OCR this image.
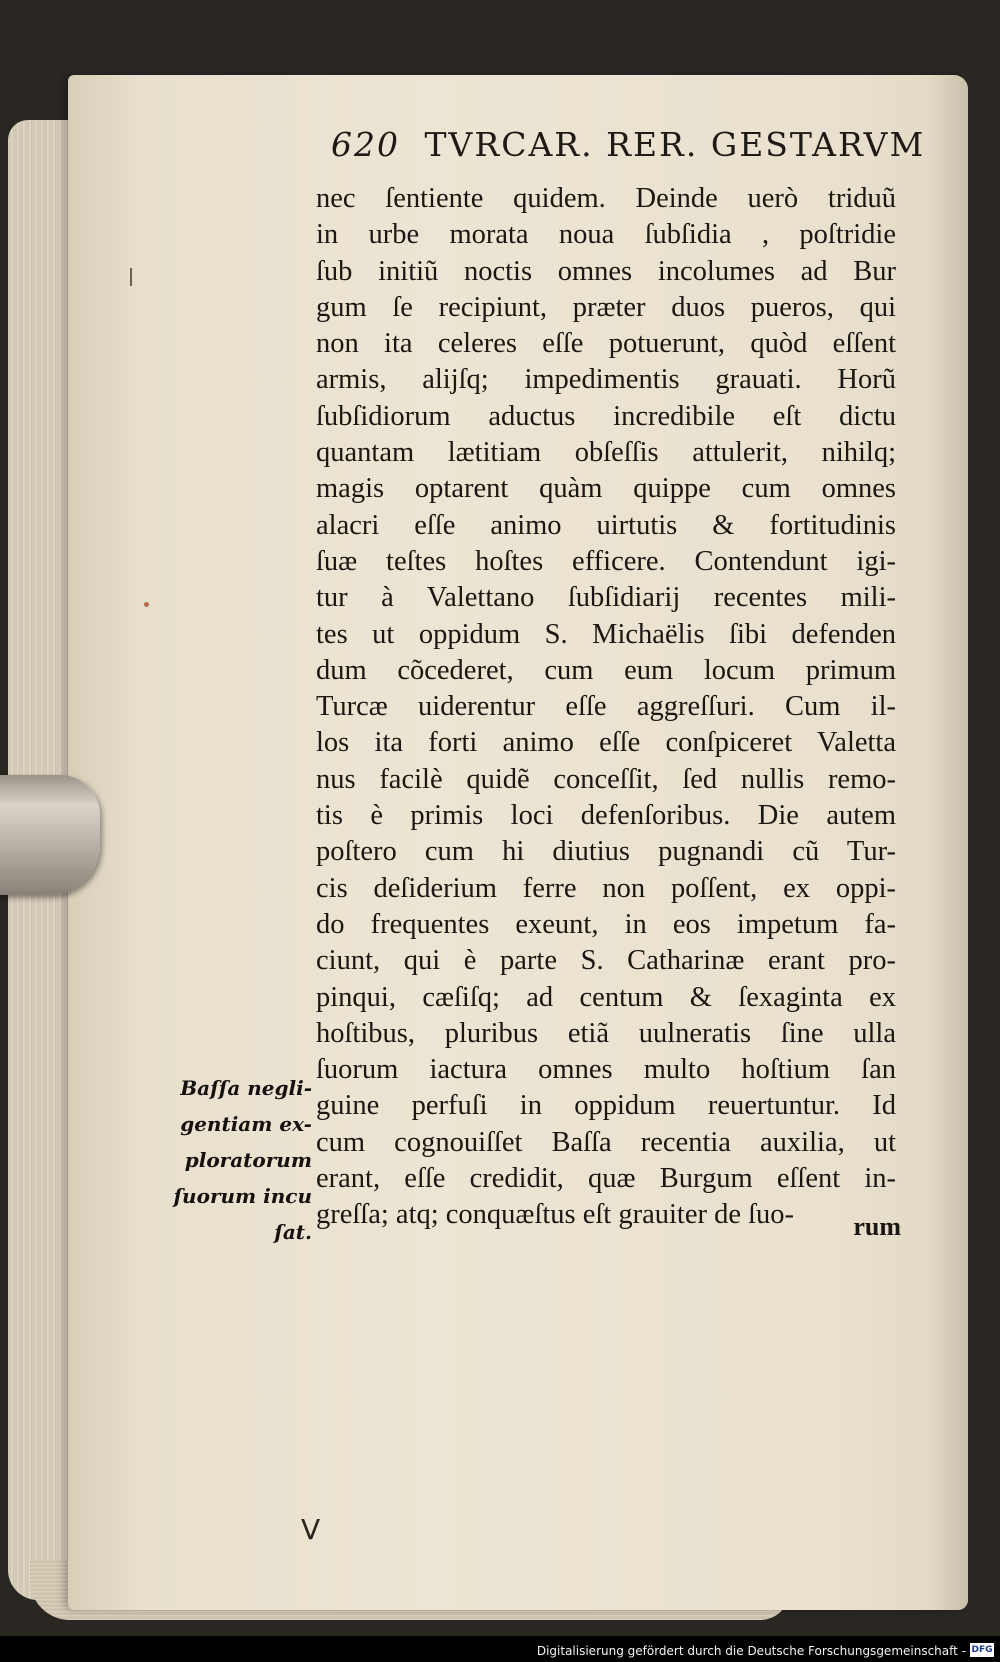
620 TVRCAR. RER. GESTARVM
nec ſentiente quidem. Deinde uerò triduũ
in urbe morata noua ſubſidia , poſtridie
ſub initiũ noctis omnes incolumes ad Bur
gum ſe recipiunt, præter duos pueros, qui
non ita celeres eſſe potuerunt, quòd eſſent
armis, alijſq; impedimentis grauati. Horũ
ſubſidiorum aductus incredibile eſt dictu
quantam lætitiam obſeſſis attulerit, nihilq;
magis optarent quàm quippe cum omnes
alacri eſſe animo uirtutis & fortitudinis
ſuæ teſtes hoſtes efficere. Contendunt igi-
tur à Valettano ſubſidiarij recentes mili-
tes ut oppidum S. Michaëlis ſibi defenden
dum cõcederet, cum eum locum primum
Turcæ uiderentur eſſe aggreſſuri. Cum il-
los ita forti animo eſſe conſpiceret Valetta
nus facilè quidẽ conceſſit, ſed nullis remo-
tis è primis loci defenſoribus. Die autem
poſtero cum hi diutius pugnandi cũ Tur-
cis deſiderium ferre non poſſent, ex oppi-
do frequentes exeunt, in eos impetum fa-
ciunt, qui è parte S. Catharinæ erant pro-
pinqui, cæſiſq; ad centum & ſexaginta ex
hoſtibus, pluribus etiã uulneratis ſine ulla
ſuorum iactura omnes multo hoſtium ſan
guine perfuſi in oppidum reuertuntur. Id
cum cognouiſſet Baſſa recentia auxilia, ut
erant, eſſe credidit, quæ Burgum eſſent in-
greſſa; atq; conquæſtus eſt grauiter de ſuo-	rum
Baſſa negli-
gentiam ex-
ploratorum
ſuorum incu
ſat.
V
Digitalisierung gefördert durch die Deutsche Forschungsgemeinschaft - DFG
